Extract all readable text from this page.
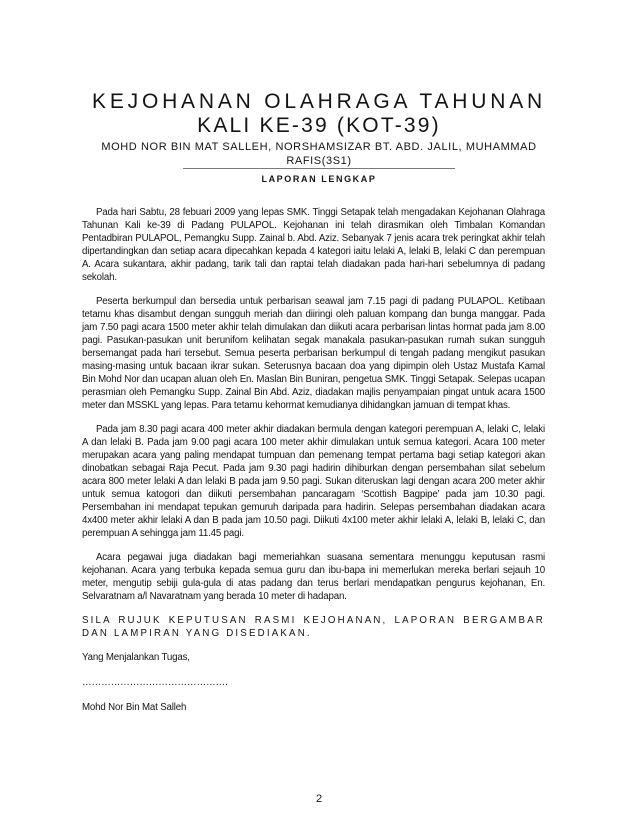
KEJOHANAN OLAHRAGA TAHUNAN
KALI KE-39 (KOT-39)
MOHD NOR BIN MAT SALLEH, NORSHAMSIZAR BT. ABD. JALIL, MUHAMMAD RAFIS(3S1)
LAPORAN LENGKAP

Pada hari Sabtu, 28 febuari 2009 yang lepas SMK. Tinggi Setapak telah mengadakan Kejohanan Olahraga Tahunan Kali ke-39 di Padang PULAPOL. Kejohanan ini telah dirasmikan oleh Timbalan Komandan Pentadbiran PULAPOL, Pemangku Supp. Zainal b. Abd. Aziz. Sebanyak 7 jenis acara trek peringkat akhir telah dipertandingkan dan setiap acara dipecahkan kepada 4 kategori iaitu lelaki A, lelaki B, lelaki C dan perempuan A. Acara sukantara, akhir padang, tarik tali dan raptai telah diadakan pada hari-hari sebelumnya di padang sekolah.

Peserta berkumpul dan bersedia untuk perbarisan seawal jam 7.15 pagi di padang PULAPOL. Ketibaan tetamu khas disambut dengan sungguh meriah dan diiringi oleh paluan kompang dan bunga manggar. Pada jam 7.50 pagi acara 1500 meter akhir telah dimulakan dan diikuti acara perbarisan lintas hormat pada jam 8.00 pagi. Pasukan-pasukan unit berunifom kelihatan segak manakala pasukan-pasukan rumah sukan sungguh bersemangat pada hari tersebut. Semua peserta perbarisan berkumpul di tengah padang mengikut pasukan masing-masing untuk bacaan ikrar sukan. Seterusnya bacaan doa yang dipimpin oleh Ustaz Mustafa Kamal Bin Mohd Nor dan ucapan aluan oleh En. Maslan Bin Buniran, pengetua SMK. Tinggi Setapak. Selepas ucapan perasmian oleh Pemangku Supp. Zainal Bin Abd. Aziz, diadakan majlis penyampaian pingat untuk acara 1500 meter dan MSSKL yang lepas. Para tetamu kehormat kemudianya dihidangkan jamuan di tempat khas.

Pada jam 8.30 pagi acara 400 meter akhir diadakan bermula dengan kategori perempuan A, lelaki C, lelaki A dan lelaki B. Pada jam 9.00 pagi acara 100 meter akhir dimulakan untuk semua kategori. Acara 100 meter merupakan acara yang paling mendapat tumpuan dan pemenang tempat pertama bagi setiap kategori akan dinobatkan sebagai Raja Pecut. Pada jam 9.30 pagi hadirin dihiburkan dengan persembahan silat sebelum acara 800 meter lelaki A dan lelaki B pada jam 9.50 pagi. Sukan diteruskan lagi dengan acara 200 meter akhir untuk semua katogori dan diikuti persembahan pancaragam ‘Scottish Bagpipe’ pada jam 10.30 pagi. Persembahan ini mendapat tepukan gemuruh daripada para hadirin. Selepas persembahan diadakan acara 4x400 meter akhir lelaki A dan B pada jam 10.50 pagi. Diikuti 4x100 meter akhir lelaki A, lelaki B, lelaki C, dan perempuan A sehingga jam 11.45 pagi.

Acara pegawai juga diadakan bagi memeriahkan suasana sementara menunggu keputusan rasmi kejohanan. Acara yang terbuka kepada semua guru dan ibu-bapa ini memerlukan mereka berlari sejauh 10 meter, mengutip sebiji gula-gula di atas padang dan terus berlari mendapatkan pengurus kejohanan, En. Selvaratnam a/l Navaratnam yang berada 10 meter di hadapan.

SILA RUJUK KEPUTUSAN RASMI KEJOHANAN, LAPORAN BERGAMBAR DAN LAMPIRAN YANG DISEDIAKAN.

Yang Menjalankan Tugas,

……………………………………….

Mohd Nor Bin Mat Salleh

2
